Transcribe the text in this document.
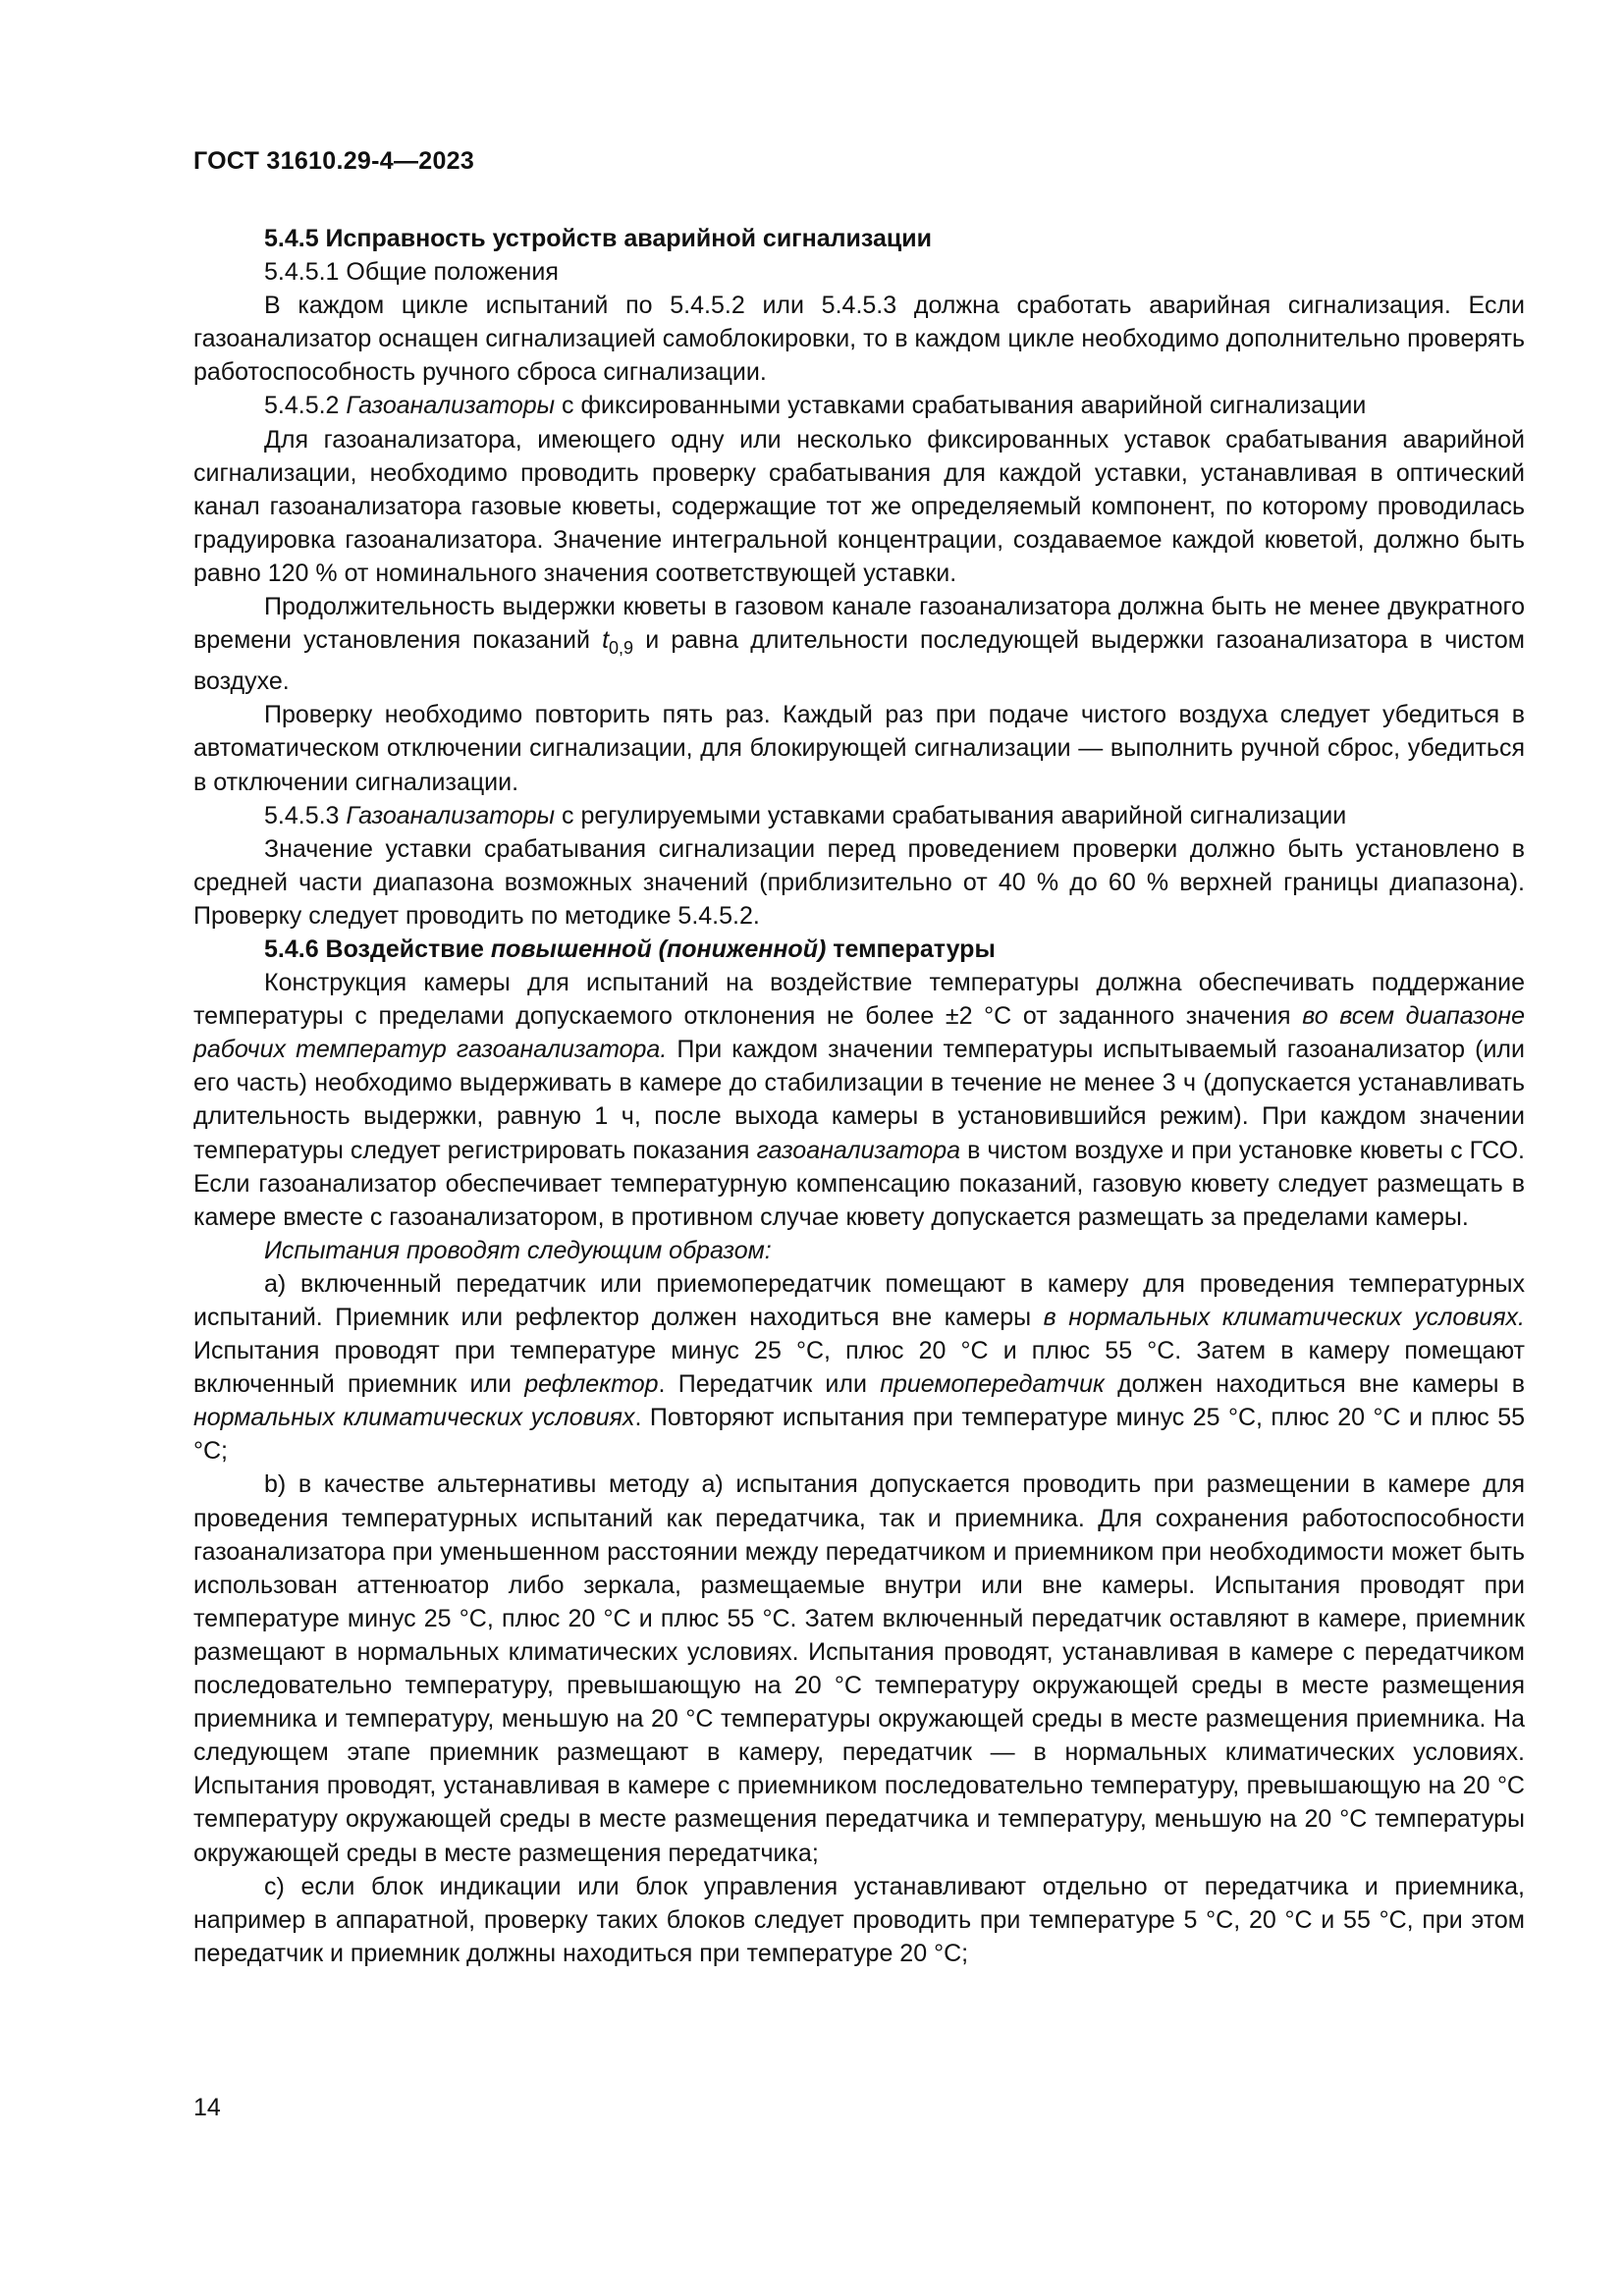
ГОСТ 31610.29-4—2023

5.4.5 Исправность устройств аварийной сигнализации

5.4.5.1 Общие положения

В каждом цикле испытаний по 5.4.5.2 или 5.4.5.3 должна сработать аварийная сигнализация. Если газоанализатор оснащен сигнализацией самоблокировки, то в каждом цикле необходимо дополнительно проверять работоспособность ручного сброса сигнализации.

5.4.5.2 Газоанализаторы с фиксированными уставками срабатывания аварийной сигнализации

Для газоанализатора, имеющего одну или несколько фиксированных уставок срабатывания аварийной сигнализации, необходимо проводить проверку срабатывания для каждой уставки, устанавливая в оптический канал газоанализатора газовые кюветы, содержащие тот же определяемый компонент, по которому проводилась градуировка газоанализатора. Значение интегральной концентрации, создаваемое каждой кюветой, должно быть равно 120 % от номинального значения соответствующей уставки.

Продолжительность выдержки кюветы в газовом канале газоанализатора должна быть не менее двукратного времени установления показаний $t_{0,9}$ и равна длительности последующей выдержки газоанализатора в чистом воздухе.

Проверку необходимо повторить пять раз. Каждый раз при подаче чистого воздуха следует убедиться в автоматическом отключении сигнализации, для блокирующей сигнализации — выполнить ручной сброс, убедиться в отключении сигнализации.

5.4.5.3 Газоанализаторы с регулируемыми уставками срабатывания аварийной сигнализации

Значение уставки срабатывания сигнализации перед проведением проверки должно быть установлено в средней части диапазона возможных значений (приблизительно от 40 % до 60 % верхней границы диапазона). Проверку следует проводить по методике 5.4.5.2.

5.4.6 Воздействие повышенной (пониженной) температуры

Конструкция камеры для испытаний на воздействие температуры должна обеспечивать поддержание температуры с пределами допускаемого отклонения не более ±2 °C от заданного значения во всем диапазоне рабочих температур газоанализатора. При каждом значении температуры испытываемый газоанализатор (или его часть) необходимо выдерживать в камере до стабилизации в течение не менее 3 ч (допускается устанавливать длительность выдержки, равную 1 ч, после выхода камеры в установившийся режим). При каждом значении температуры следует регистрировать показания газоанализатора в чистом воздухе и при установке кюветы с ГСО. Если газоанализатор обеспечивает температурную компенсацию показаний, газовую кювету следует размещать в камере вместе с газоанализатором, в противном случае кювету допускается размещать за пределами камеры.

Испытания проводят следующим образом:

a) включенный передатчик или приемопередатчик помещают в камеру для проведения температурных испытаний. Приемник или рефлектор должен находиться вне камеры в нормальных климатических условиях. Испытания проводят при температуре минус 25 °C, плюс 20 °C и плюс 55 °C. Затем в камеру помещают включенный приемник или рефлектор. Передатчик или приемопередатчик должен находиться вне камеры в нормальных климатических условиях. Повторяют испытания при температуре минус 25 °C, плюс 20 °C и плюс 55 °C;

b) в качестве альтернативы методу a) испытания допускается проводить при размещении в камере для проведения температурных испытаний как передатчика, так и приемника. Для сохранения работоспособности газоанализатора при уменьшенном расстоянии между передатчиком и приемником при необходимости может быть использован аттенюатор либо зеркала, размещаемые внутри или вне камеры. Испытания проводят при температуре минус 25 °C, плюс 20 °C и плюс 55 °C. Затем включенный передатчик оставляют в камере, приемник размещают в нормальных климатических условиях. Испытания проводят, устанавливая в камере с передатчиком последовательно температуру, превышающую на 20 °C температуру окружающей среды в месте размещения приемника и температуру, меньшую на 20 °C температуры окружающей среды в месте размещения приемника. На следующем этапе приемник размещают в камеру, передатчик — в нормальных климатических условиях. Испытания проводят, устанавливая в камере с приемником последовательно температуру, превышающую на 20 °C температуру окружающей среды в месте размещения передатчика и температуру, меньшую на 20 °C температуры окружающей среды в месте размещения передатчика;

c) если блок индикации или блок управления устанавливают отдельно от передатчика и приемника, например в аппаратной, проверку таких блоков следует проводить при температуре 5 °C, 20 °C и 55 °C, при этом передатчик и приемник должны находиться при температуре 20 °C;

14
